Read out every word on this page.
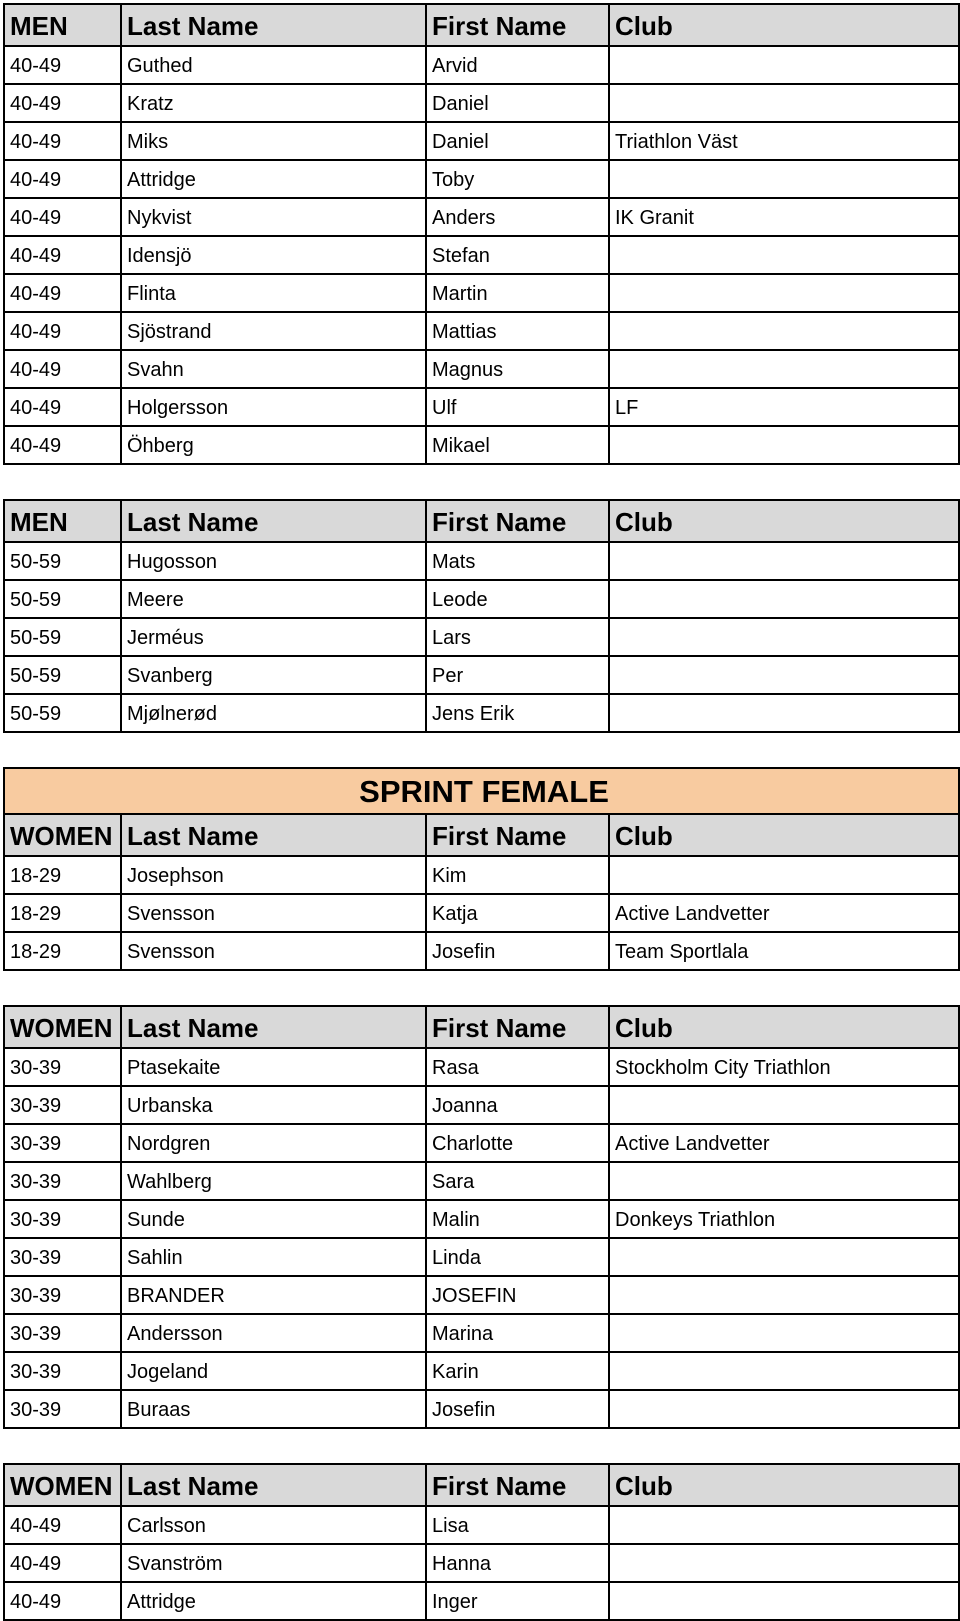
MEN	Last Name	First Name	Club
40-49	Guthed	Arvid	
40-49	Kratz	Daniel	
40-49	Miks	Daniel	Triathlon Väst
40-49	Attridge	Toby	
40-49	Nykvist	Anders	IK Granit
40-49	Idensjö	Stefan	
40-49	Flinta	Martin	
40-49	Sjöstrand	Mattias	
40-49	Svahn	Magnus	
40-49	Holgersson	Ulf	LF
40-49	Öhberg	Mikael	
MEN	Last Name	First Name	Club
50-59	Hugosson	Mats	
50-59	Meere	Leode	
50-59	Jerméus	Lars	
50-59	Svanberg	Per	
50-59	Mjølnerød	Jens Erik	
SPRINT FEMALE			
WOMEN	Last Name	First Name	Club
18-29	Josephson	Kim	
18-29	Svensson	Katja	Active Landvetter
18-29	Svensson	Josefin	Team Sportlala
WOMEN	Last Name	First Name	Club
30-39	Ptasekaite	Rasa	Stockholm City Triathlon
30-39	Urbanska	Joanna	
30-39	Nordgren	Charlotte	Active Landvetter
30-39	Wahlberg	Sara	
30-39	Sunde	Malin	Donkeys Triathlon
30-39	Sahlin	Linda	
30-39	BRANDER	JOSEFIN	
30-39	Andersson	Marina	
30-39	Jogeland	Karin	
30-39	Buraas	Josefin	
WOMEN	Last Name	First Name	Club
40-49	Carlsson	Lisa	
40-49	Svanström	Hanna	
40-49	Attridge	Inger	
